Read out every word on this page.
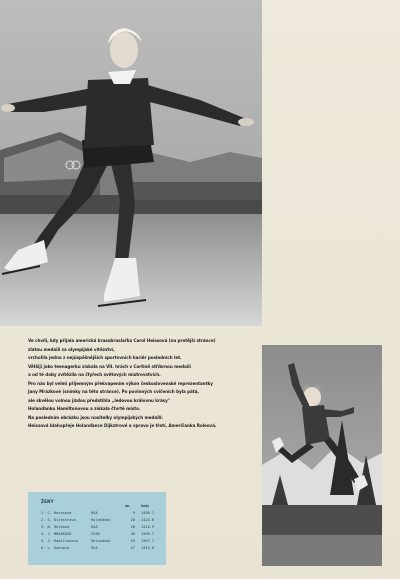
Ve chvíli, kdy přijala americká krasobruslařka Carol Heissová (na protější stránce)

zlatou medaili za olympijské vítězství,

vrcholila jedna z nejúspěšnějších sportovních kariér posledních let.

Většiji jako teenagerku získala na VII. hrách v Cortině stříbrnou medaili

a od té doby zvítězila na čtyřech světových mistrovstvích.

Pro nás byl velmi příjemným překvapením výkon československé reprezentantky

Jany Mrázkové (snímky na této stránce). Po povinných cvičeních byla pátá,

ale skvělou volnou jízdou předstihla „ledovou královnu krásy"

Holanďanku Hamiltonovou a získala čtvrté místo.

Na posledním obrázku jsou nositelky olympijských medailí:

Heissová blahopřeje Holanďance Dijkstrové a vpravo je třetí, Američanka Roleová.

ŽENY
um.	body
1. C. Heissová	USA	9 1490.1
2. S. Dijkstrová	Holandsko	20 1424.8
3. B. Roleová	USA	26 1414.9
4. J. MRÁZKOVÁ	ČSSR	36 1338.7
5. J. Hamiltonová	Holandsko	53 1307.7
6. L. Owenová	USA	57 1343.0
